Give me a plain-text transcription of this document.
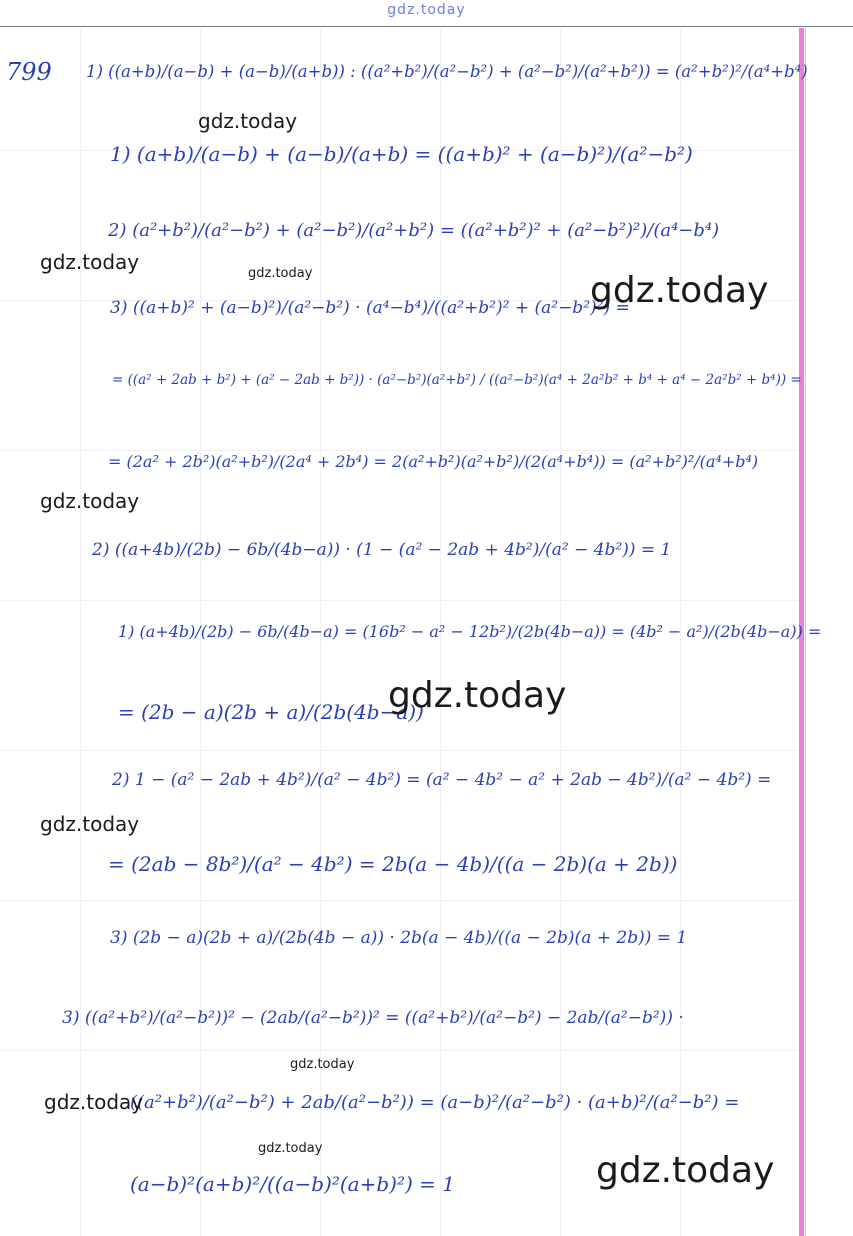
gdz.today
799 1) ((a+b)/(a−b) + (a−b)/(a+b)) : ((a²+b²)/(a²−b²) + (a²−b²)/(a²+b²)) = (a²+b²)²/(a⁴+b⁴)
1) (a+b)/(a−b) + (a−b)/(a+b) = ((a+b)² + (a−b)²)/(a²−b²)
2) (a²+b²)/(a²−b²) + (a²−b²)/(a²+b²) = ((a²+b²)² + (a²−b²)²)/(a⁴−b⁴)
3) ((a+b)² + (a−b)²)/(a²−b²) · (a⁴−b⁴)/((a²+b²)² + (a²−b²)²) =
= ((a² + 2ab + b²) + (a² − 2ab + b²)) · (a²−b²)(a²+b²) / ((a²−b²)(a⁴ + 2a²b² + b⁴ + a⁴ − 2a²b² + b⁴)) =
= (2a² + 2b²)(a²+b²)/(2a⁴ + 2b⁴) = 2(a²+b²)(a²+b²)/(2(a⁴+b⁴)) = (a²+b²)²/(a⁴+b⁴)
2) ((a+4b)/(2b) − 6b/(4b−a)) · (1 − (a² − 2ab + 4b²)/(a² − 4b²)) = 1
1) (a+4b)/(2b) − 6b/(4b−a) = (16b² − a² − 12b²)/(2b(4b−a)) = (4b² − a²)/(2b(4b−a)) =
= (2b − a)(2b + a)/(2b(4b−a))
2) 1 − (a² − 2ab + 4b²)/(a² − 4b²) = (a² − 4b² − a² + 2ab − 4b²)/(a² − 4b²) =
= (2ab − 8b²)/(a² − 4b²) = 2b(a − 4b)/((a − 2b)(a + 2b))
3) (2b − a)(2b + a)/(2b(4b − a)) · 2b(a − 4b)/((a − 2b)(a + 2b)) = 1
3) ((a²+b²)/(a²−b²))² − (2ab/(a²−b²))² = ((a²+b²)/(a²−b²) − 2ab/(a²−b²)) ·
((a²+b²)/(a²−b²) + 2ab/(a²−b²)) = (a−b)²/(a²−b²) · (a+b)²/(a²−b²) =
(a−b)²(a+b)²/((a−b)²(a+b)²) = 1
gdz.today
gdz.today	gdz.today	gdz.today
gdz.today
gdz.today
gdz.today
gdz.today
gdz.today
gdz.today
gdz.today
